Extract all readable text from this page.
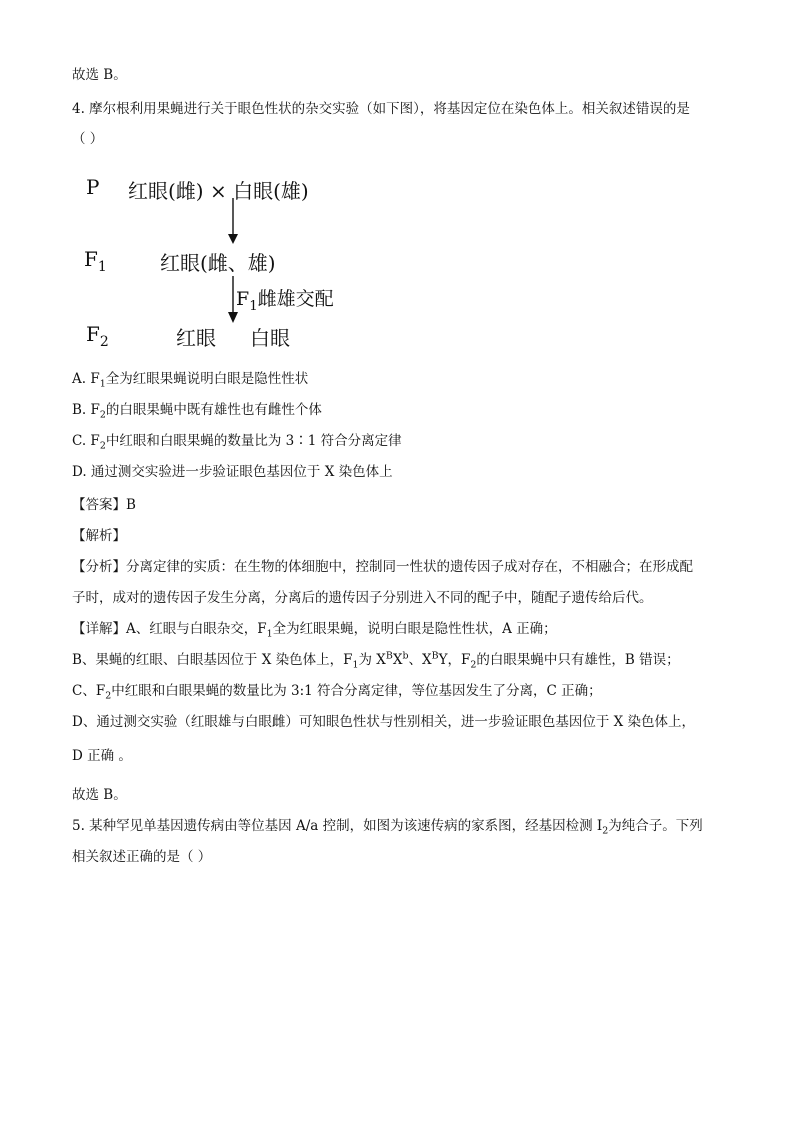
故选 B。
4. 摩尔根利用果蝇进行关于眼色性状的杂交实验（如下图），将基因定位在染色体上。相关叙述错误的是
（ ）
P 红眼(雌) × 白眼(雄)
$F_1$	红眼(雌、雄)
$F_1$雌雄交配
$F_2$	红眼 白眼
A. $F_1$全为红眼果蝇说明白眼是隐性性状
B. $F_2$的白眼果蝇中既有雄性也有雌性个体
C. $F_2$中红眼和白眼果蝇的数量比为 3∶1 符合分离定律
D. 通过测交实验进一步验证眼色基因位于 X 染色体上
【答案】B
【解析】
【分析】分离定律的实质：在生物的体细胞中，控制同一性状的遗传因子成对存在，不相融合；在形成配
子时，成对的遗传因子发生分离，分离后的遗传因子分别进入不同的配子中，随配子遗传给后代。
【详解】A、红眼与白眼杂交，$F_1$全为红眼果蝇，说明白眼是隐性性状，A 正确；
B、果蝇的红眼、白眼基因位于 X 染色体上，$F_1$为 $X^BX^b$、$X^BY$，$F_2$的白眼果蝇中只有雄性，B 错误；
C、$F_2$中红眼和白眼果蝇的数量比为 3:1 符合分离定律，等位基因发生了分离，C 正确；
D、通过测交实验（红眼雄与白眼雌）可知眼色性状与性别相关，进一步验证眼色基因位于 X 染色体上，
D 正确 。
故选 B。
5. 某种罕见单基因遗传病由等位基因 A/a 控制，如图为该速传病的家系图，经基因检测 $I_2$为纯合子。下列
相关叙述正确的是（ ）
